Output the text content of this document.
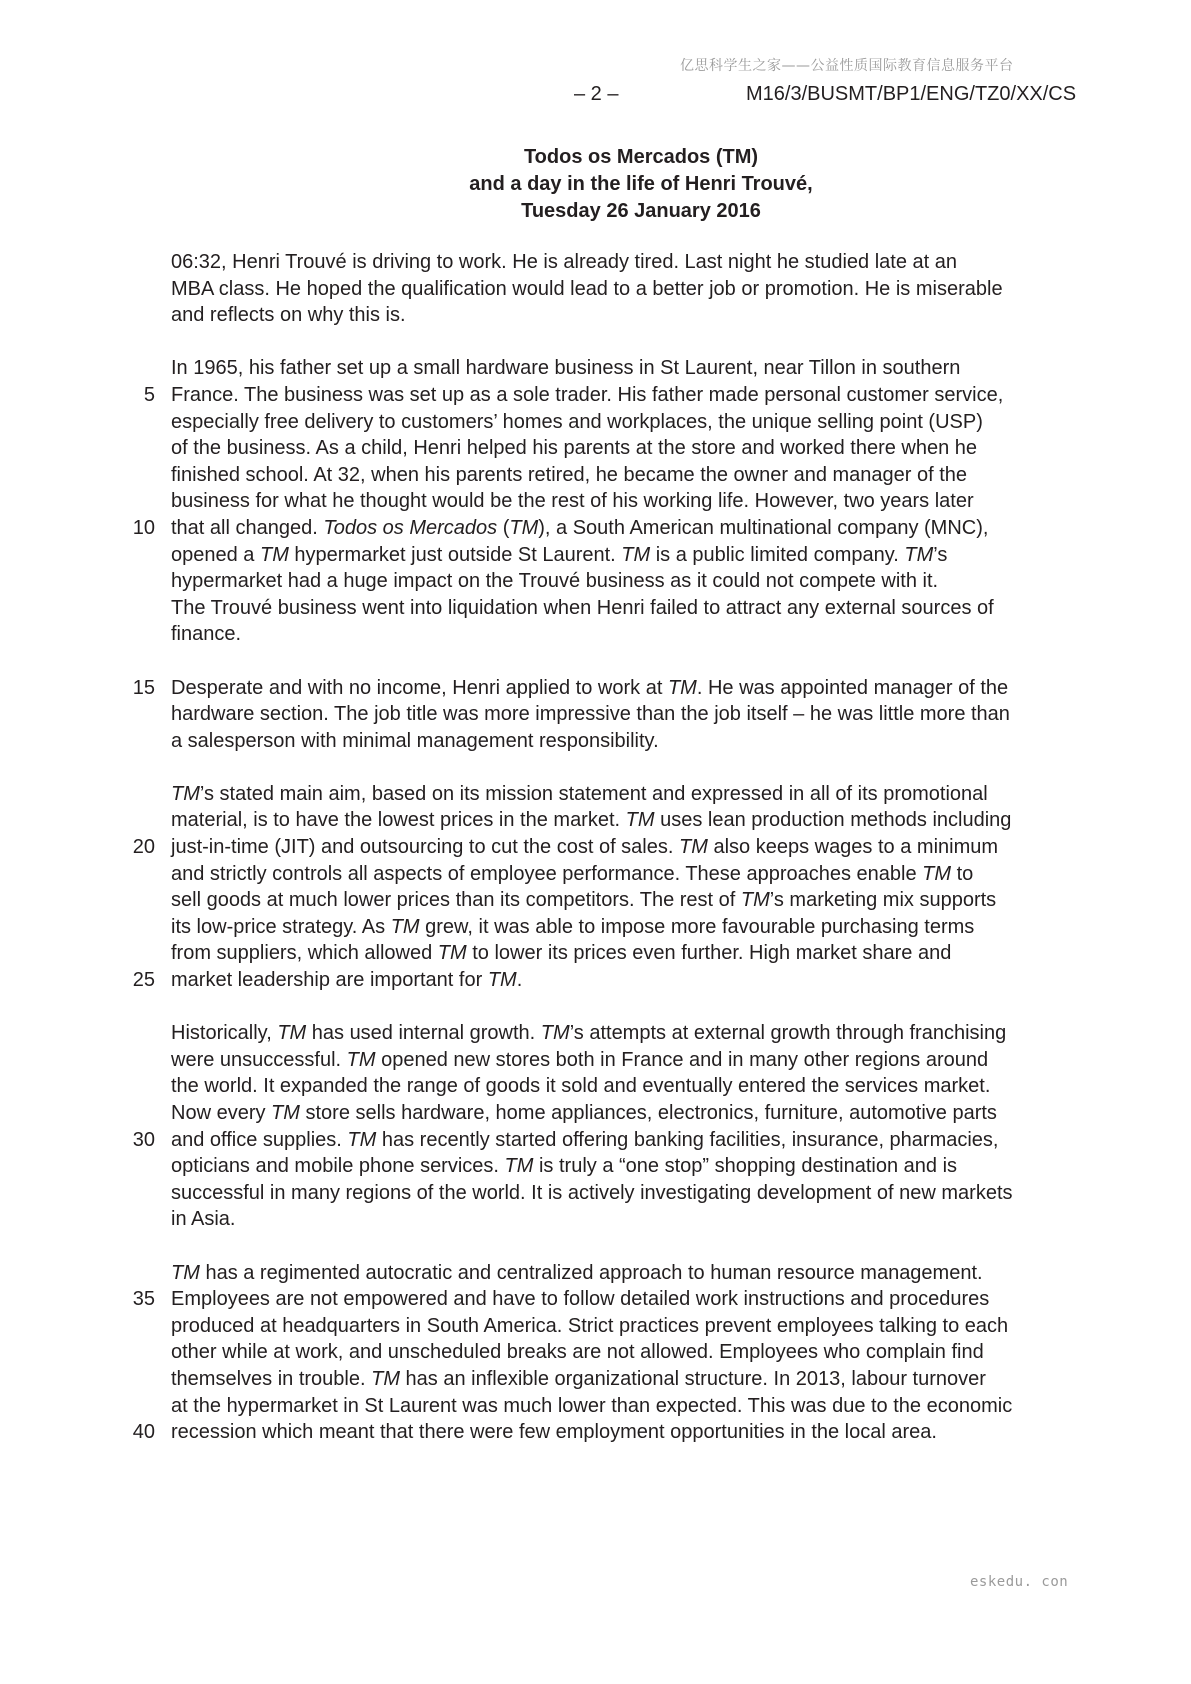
亿思科学生之家——公益性质国际教育信息服务平台
– 2 –	M16/3/BUSMT/BP1/ENG/TZ0/XX/CS
Todos os Mercados (TM)
and a day in the life of Henri Trouvé,
Tuesday 26 January 2016
06:32, Henri Trouvé is driving to work. He is already tired. Last night he studied late at an
MBA class. He hoped the qualification would lead to a better job or promotion. He is miserable
and reflects on why this is.
In 1965, his father set up a small hardware business in St Laurent, near Tillon in southern
5 France. The business was set up as a sole trader. His father made personal customer service,
especially free delivery to customers’ homes and workplaces, the unique selling point (USP)
of the business. As a child, Henri helped his parents at the store and worked there when he
finished school. At 32, when his parents retired, he became the owner and manager of the
business for what he thought would be the rest of his working life. However, two years later
10 that all changed. Todos os Mercados (TM), a South American multinational company (MNC),
opened a TM hypermarket just outside St Laurent. TM is a public limited company. TM’s
hypermarket had a huge impact on the Trouvé business as it could not compete with it.
The Trouvé business went into liquidation when Henri failed to attract any external sources of
finance.
15 Desperate and with no income, Henri applied to work at TM. He was appointed manager of the
hardware section. The job title was more impressive than the job itself – he was little more than
a salesperson with minimal management responsibility.
TM’s stated main aim, based on its mission statement and expressed in all of its promotional
material, is to have the lowest prices in the market. TM uses lean production methods including
20 just-in-time (JIT) and outsourcing to cut the cost of sales. TM also keeps wages to a minimum
and strictly controls all aspects of employee performance. These approaches enable TM to
sell goods at much lower prices than its competitors. The rest of TM’s marketing mix supports
its low-price strategy. As TM grew, it was able to impose more favourable purchasing terms
from suppliers, which allowed TM to lower its prices even further. High market share and
25 market leadership are important for TM.
Historically, TM has used internal growth. TM’s attempts at external growth through franchising
were unsuccessful. TM opened new stores both in France and in many other regions around
the world. It expanded the range of goods it sold and eventually entered the services market.
Now every TM store sells hardware, home appliances, electronics, furniture, automotive parts
30 and office supplies. TM has recently started offering banking facilities, insurance, pharmacies,
opticians and mobile phone services. TM is truly a “one stop” shopping destination and is
successful in many regions of the world. It is actively investigating development of new markets
in Asia.
TM has a regimented autocratic and centralized approach to human resource management.
35 Employees are not empowered and have to follow detailed work instructions and procedures
produced at headquarters in South America. Strict practices prevent employees talking to each
other while at work, and unscheduled breaks are not allowed. Employees who complain find
themselves in trouble. TM has an inflexible organizational structure. In 2013, labour turnover
at the hypermarket in St Laurent was much lower than expected. This was due to the economic
40 recession which meant that there were few employment opportunities in the local area.
eskedu. con
